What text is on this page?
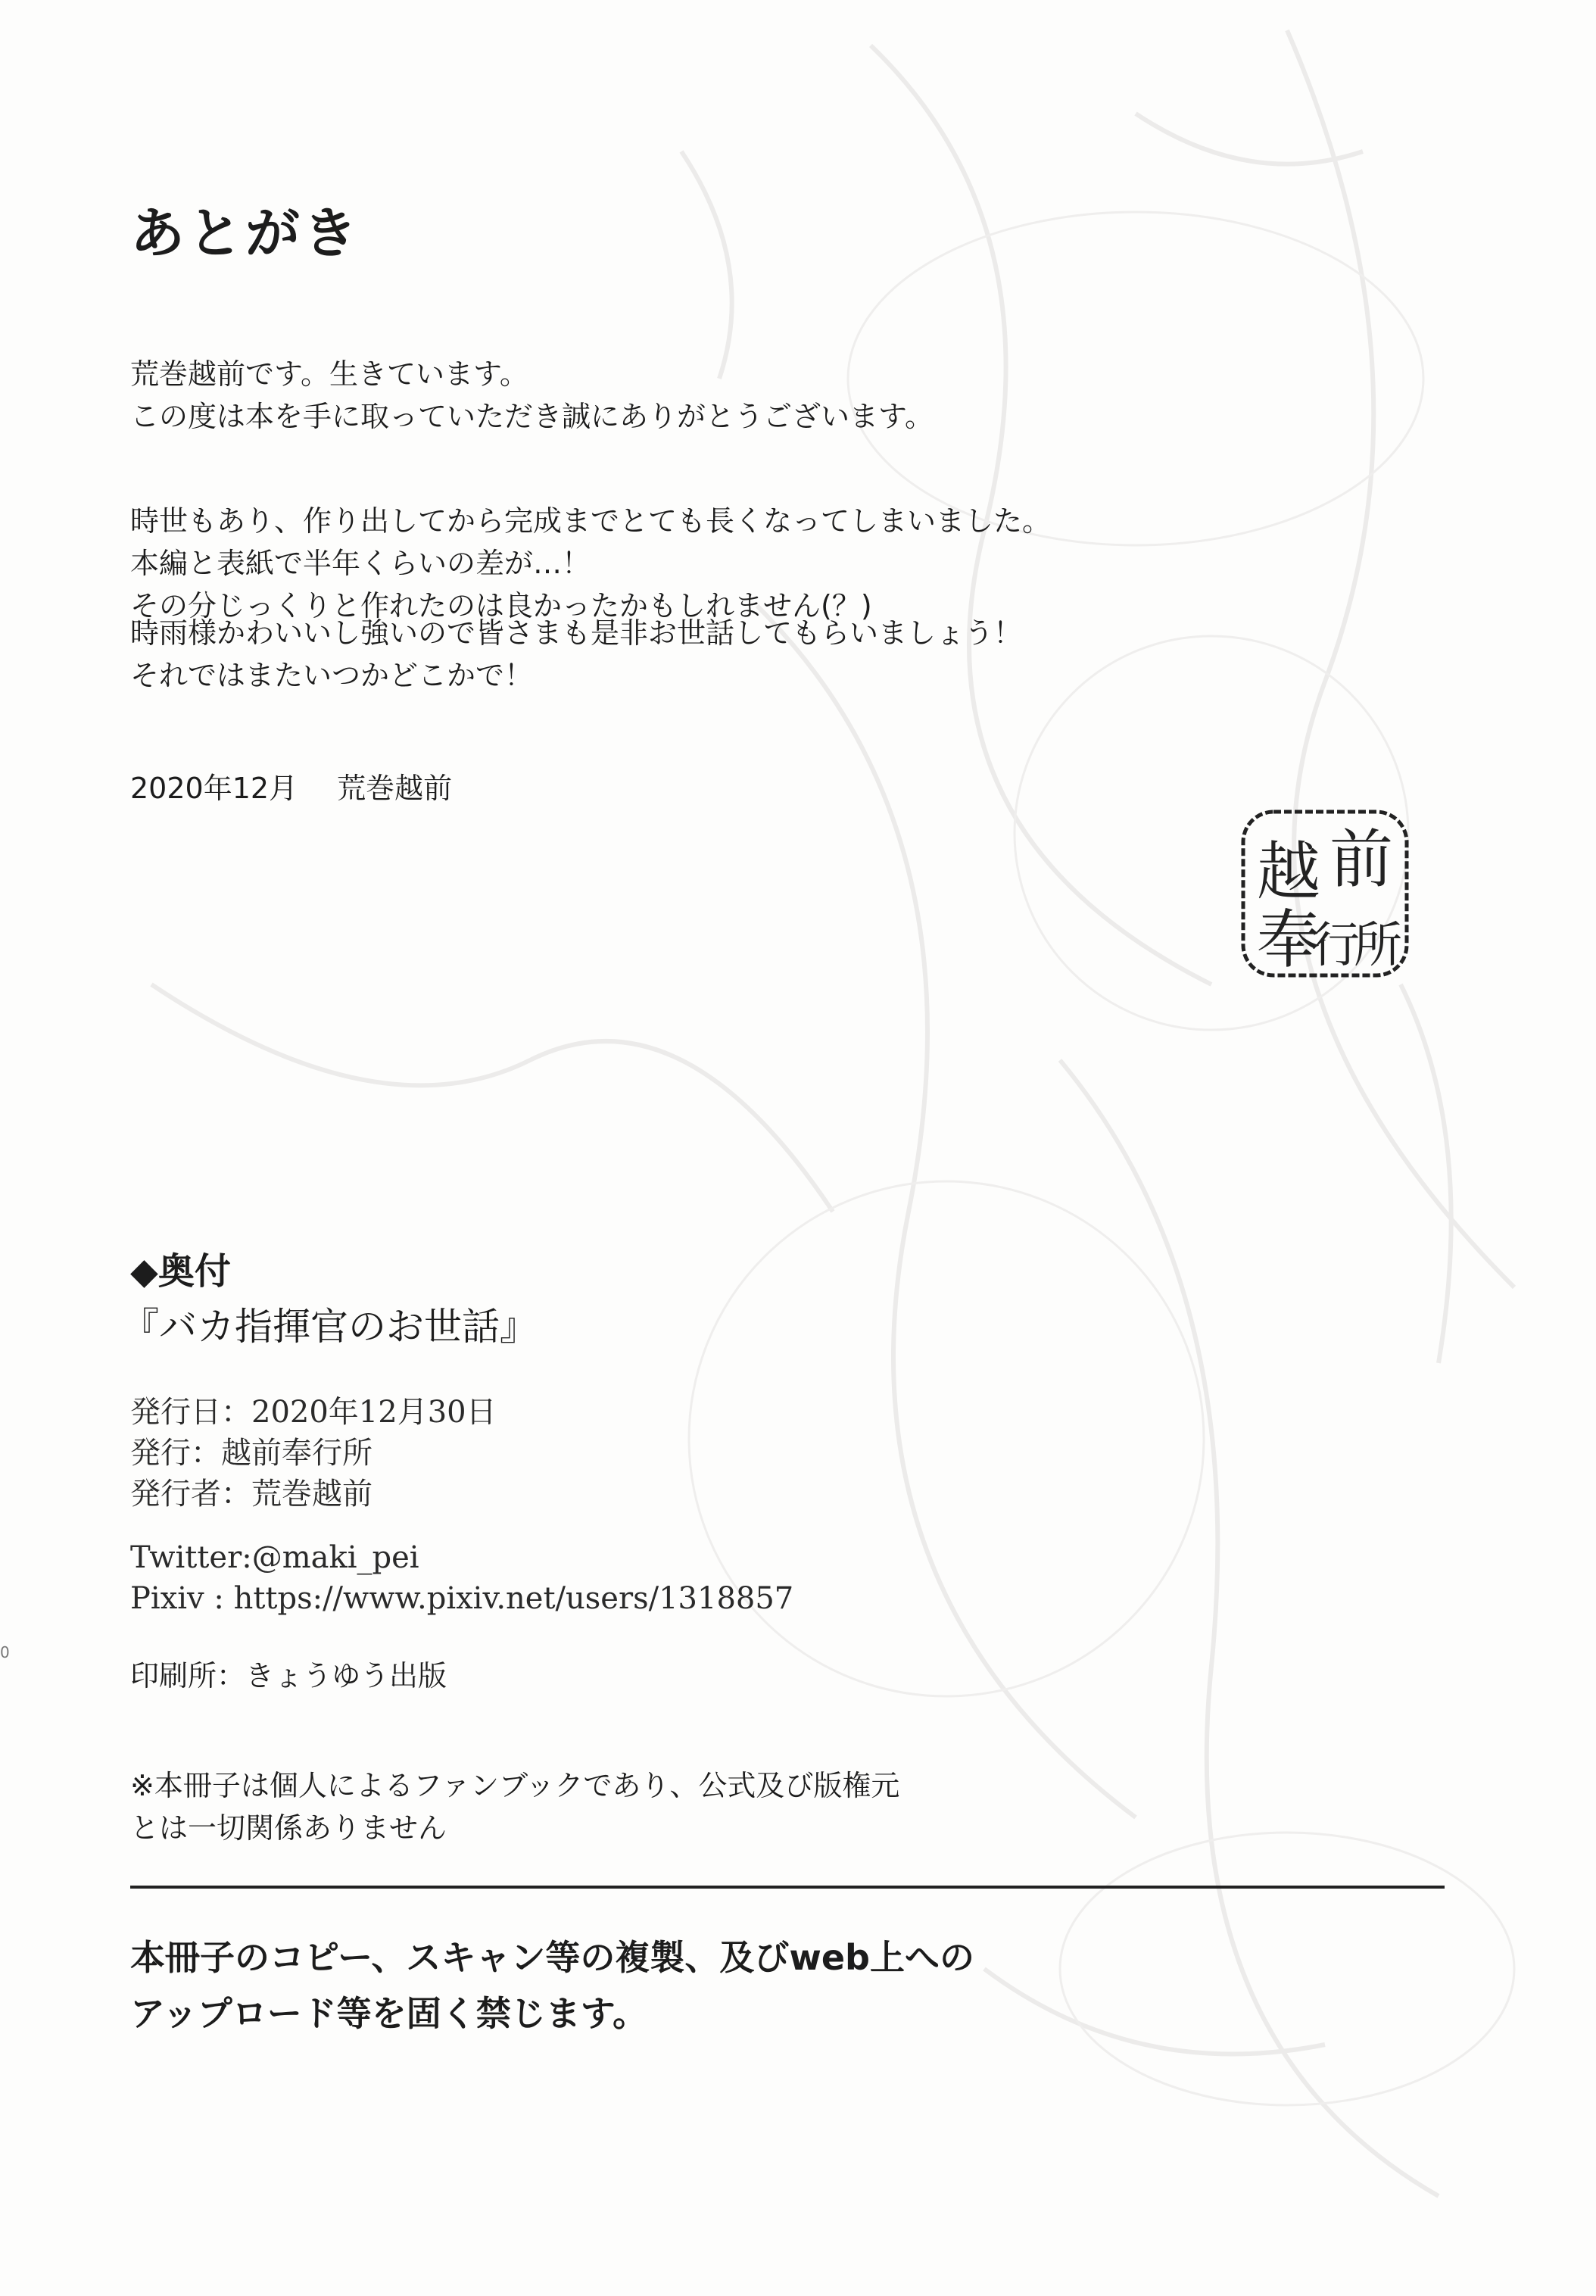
あとがき
荒巻越前です。生きています。
この度は本を手に取っていただき誠にありがとうございます。
時世もあり、作り出してから完成までとても長くなってしまいました。
本編と表紙で半年くらいの差が…！
その分じっくりと作れたのは良かったかもしれません(？)
時雨様かわいいし強いので皆さまも是非お世話してもらいましょう！
それではまたいつかどこかで！
2020年12月 荒巻越前
越 前
奉
行
所
◆奥付
『バカ指揮官のお世話』
発行日：2020年12月30日
発行：越前奉行所
発行者：荒巻越前
Twitter:@maki_pei
Pixiv : https://www.pixiv.net/users/1318857
印刷所：きょうゆう出版
※本冊子は個人によるファンブックであり、公式及び版権元
とは一切関係ありません
本冊子のコピー、スキャン等の複製、及びweb上への
アップロード等を固く禁じます。
0
